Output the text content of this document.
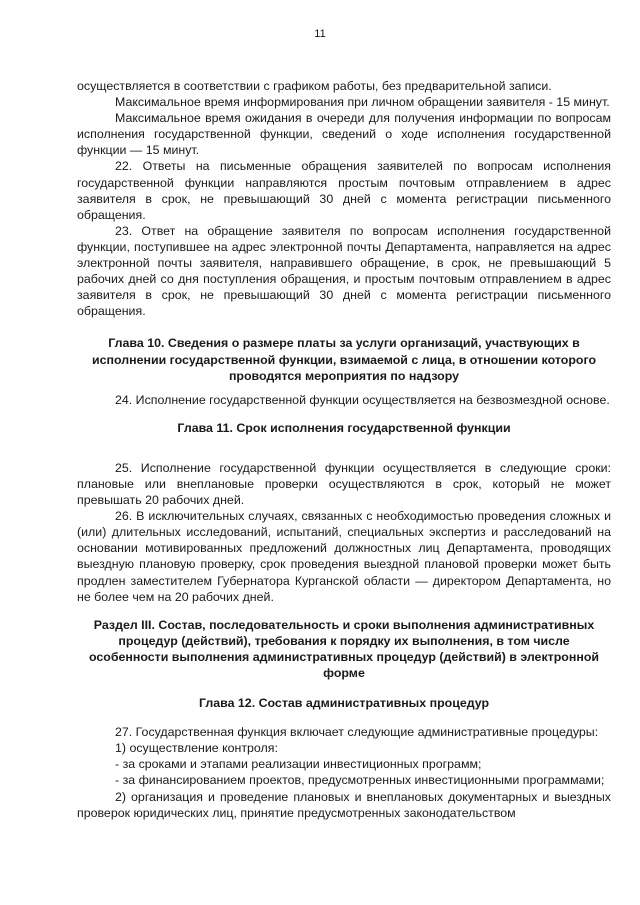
11

осуществляется в соответствии с графиком работы, без предварительной записи.

Максимальное время информирования при личном обращении заявителя - 15 минут.

Максимальное время ожидания в очереди для получения информации по вопросам исполнения государственной функции, сведений о ходе исполнения государственной функции — 15 минут.

22. Ответы на письменные обращения заявителей по вопросам исполнения государственной функции направляются простым почтовым отправлением в адрес заявителя в срок, не превышающий 30 дней с момента регистрации письменного обращения.

23. Ответ на обращение заявителя по вопросам исполнения государственной функции, поступившее на адрес электронной почты Департамента, направляется на адрес электронной почты заявителя, направившего обращение, в срок, не превышающий 5 рабочих дней со дня поступления обращения, и простым почтовым отправлением в адрес заявителя в срок, не превышающий 30 дней с момента регистрации письменного обращения.

Глава 10. Сведения о размере платы за услуги организаций, участвующих в исполнении государственной функции, взимаемой с лица, в отношении которого проводятся мероприятия по надзору

24. Исполнение государственной функции осуществляется на безвозмездной основе.

Глава 11. Срок исполнения государственной функции

25. Исполнение государственной функции осуществляется в следующие сроки: плановые или внеплановые проверки осуществляются в срок, который не может превышать 20 рабочих дней.

26. В исключительных случаях, связанных с необходимостью проведения сложных и (или) длительных исследований, испытаний, специальных экспертиз и расследований на основании мотивированных предложений должностных лиц Департамента, проводящих выездную плановую проверку, срок проведения выездной плановой проверки может быть продлен заместителем Губернатора Курганской области — директором Департамента, но не более чем на 20 рабочих дней.

Раздел III. Состав, последовательность и сроки выполнения административных процедур (действий), требования к порядку их выполнения, в том числе особенности выполнения административных процедур (действий) в электронной форме
Глава 12. Состав административных процедур

27. Государственная функция включает следующие административные процедуры:

1) осуществление контроля:

- за сроками и этапами реализации инвестиционных программ;

- за финансированием проектов, предусмотренных инвестиционными программами;

2) организация и проведение плановых и внеплановых документарных и выездных проверок юридических лиц, принятие предусмотренных законодательством
